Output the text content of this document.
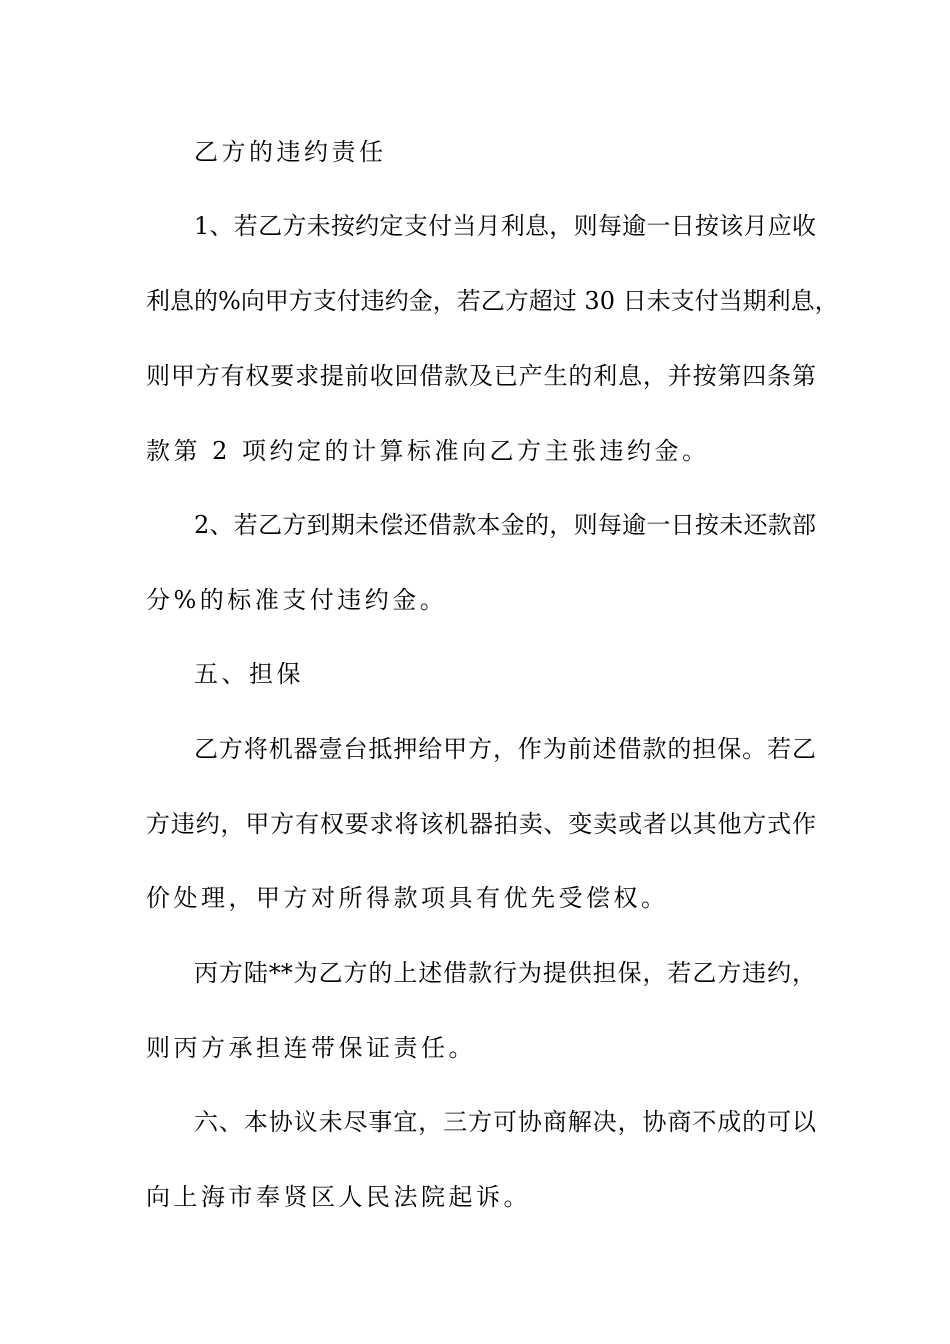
乙方的违约责任
1、若乙方未按约定支付当月利息，则每逾一日按该月应收
利息的%向甲方支付违约金，若乙方超过 30 日未支付当期利息，
则甲方有权要求提前收回借款及已产生的利息，并按第四条第
款第 2 项约定的计算标准向乙方主张违约金。
2、若乙方到期未偿还借款本金的，则每逾一日按未还款部
分%的标准支付违约金。
五、担保
乙方将机器壹台抵押给甲方，作为前述借款的担保。若乙
方违约，甲方有权要求将该机器拍卖、变卖或者以其他方式作
价处理，甲方对所得款项具有优先受偿权。
丙方陆**为乙方的上述借款行为提供担保，若乙方违约，
则丙方承担连带保证责任。
六、本协议未尽事宜，三方可协商解决，协商不成的可以
向上海市奉贤区人民法院起诉。
